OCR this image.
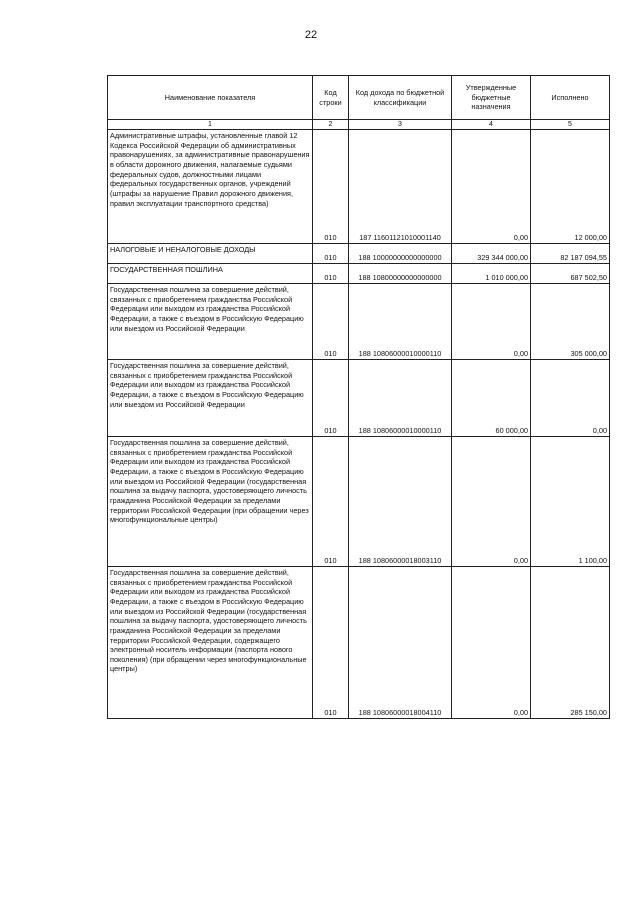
22
Наименование показателя	Код строки	Код дохода по бюджетной классификации	Утвержденные бюджетные назначения	Исполнено
1	2	3	4	5
Административные штрафы, установленные главой 12 Кодекса Российской Федерации об административных правонарушениях, за административные правонарушения в области дорожного движения, налагаемые судьями федеральных судов, должностными лицами федеральных государственных органов, учреждений (штрафы за нарушение Правил дорожного движения, правил эксплуатации транспортного средства)	010	187 11601121010001140	0,00	12 000,00
НАЛОГОВЫЕ И НЕНАЛОГОВЫЕ ДОХОДЫ	010	188 10000000000000000	329 344 000,00	82 187 094,55
ГОСУДАРСТВЕННАЯ ПОШЛИНА	010	188 10800000000000000	1 010 000,00	687 502,50
Государственная пошлина за совершение действий, связанных с приобретением гражданства Российской Федерации или выходом из гражданства Российской Федерации, а также с въездом в Российскую Федерацию или выездом из Российской Федерации	010	188 10806000010000110	0,00	305 000,00
Государственная пошлина за совершение действий, связанных с приобретением гражданства Российской Федерации или выходом из гражданства Российской Федерации, а также с въездом в Российскую Федерацию или выездом из Российской Федерации	010	188 10806000010000110	60 000,00	0,00
Государственная пошлина за совершение действий, связанных с приобретением гражданства Российской Федерации или выходом из гражданства Российской Федерации, а также с въездом в Российскую Федерацию или выездом из Российской Федерации (государственная пошлина за выдачу паспорта, удостоверяющего личность гражданина Российской Федерации за пределами территории Российской Федерации (при обращении через многофункциональные центры)	010	188 10806000018003110	0,00	1 100,00
Государственная пошлина за совершение действий, связанных с приобретением гражданства Российской Федерации или выходом из гражданства Российской Федерации, а также с въездом в Российскую Федерацию или выездом из Российской Федерации (государственная пошлина за выдачу паспорта, удостоверяющего личность гражданина Российской Федерации за пределами территории Российской Федерации, содержащего электронный носитель информации (паспорта нового поколения) (при обращении через многофункциональные центры)	010	188 10806000018004110	0,00	285 150,00
